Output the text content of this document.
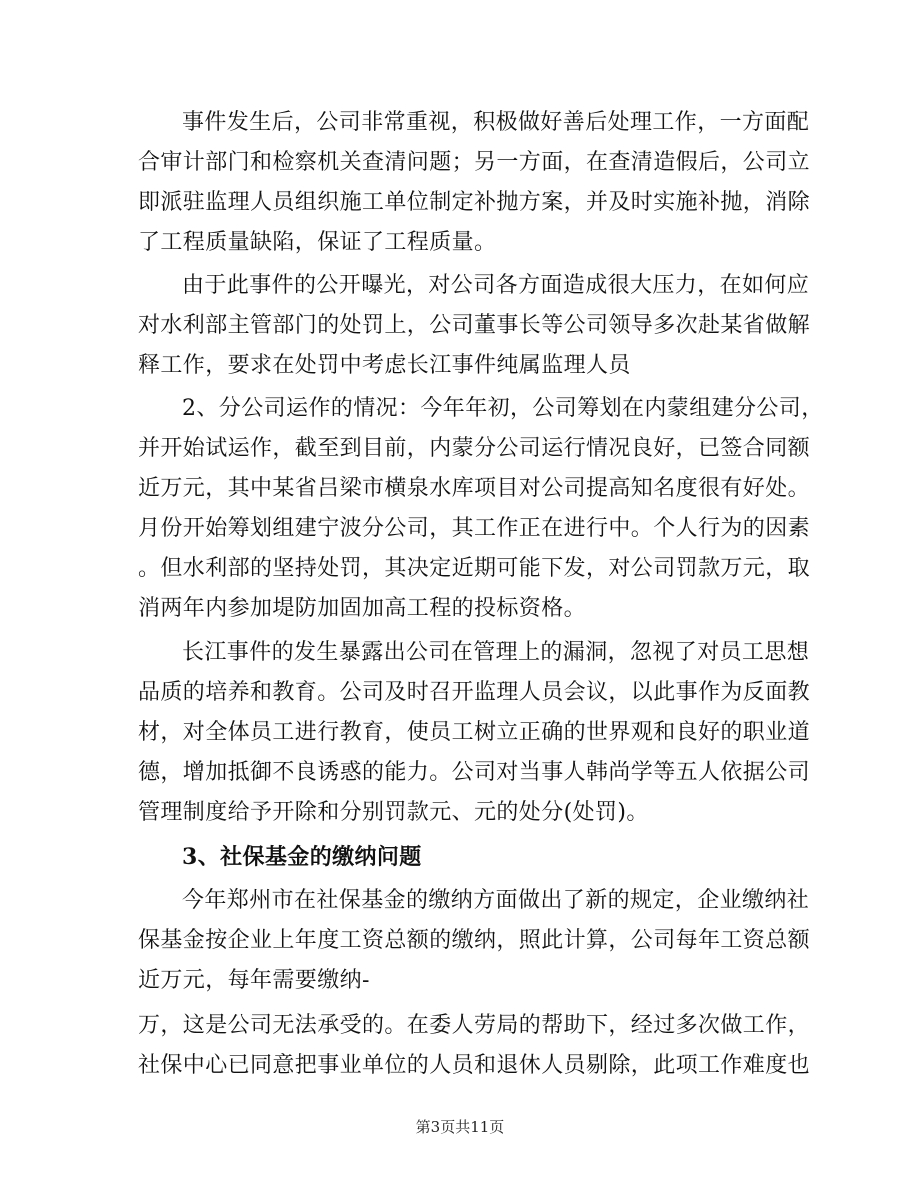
事件发生后，公司非常重视，积极做好善后处理工作，一方面配
合审计部门和检察机关查清问题；另一方面，在查清造假后，公司立
即派驻监理人员组织施工单位制定补抛方案，并及时实施补抛，消除
了工程质量缺陷，保证了工程质量。
由于此事件的公开曝光，对公司各方面造成很大压力，在如何应
对水利部主管部门的处罚上，公司董事长等公司领导多次赴某省做解
释工作，要求在处罚中考虑长江事件纯属监理人员
2、分公司运作的情况：今年年初，公司筹划在内蒙组建分公司，
并开始试运作，截至到目前，内蒙分公司运行情况良好，已签合同额
近万元，其中某省吕梁市横泉水库项目对公司提高知名度很有好处。
月份开始筹划组建宁波分公司，其工作正在进行中。个人行为的因素
。但水利部的坚持处罚，其决定近期可能下发，对公司罚款万元，取
消两年内参加堤防加固加高工程的投标资格。
长江事件的发生暴露出公司在管理上的漏洞，忽视了对员工思想
品质的培养和教育。公司及时召开监理人员会议，以此事作为反面教
材，对全体员工进行教育，使员工树立正确的世界观和良好的职业道
德，增加抵御不良诱惑的能力。公司对当事人韩尚学等五人依据公司
管理制度给予开除和分别罚款元、元的处分(处罚)。
3、社保基金的缴纳问题
今年郑州市在社保基金的缴纳方面做出了新的规定，企业缴纳社
保基金按企业上年度工资总额的缴纳，照此计算，公司每年工资总额
近万元，每年需要缴纳-
万，这是公司无法承受的。在委人劳局的帮助下，经过多次做工作，
社保中心已同意把事业单位的人员和退休人员剔除，此项工作难度也
第3页共11页
